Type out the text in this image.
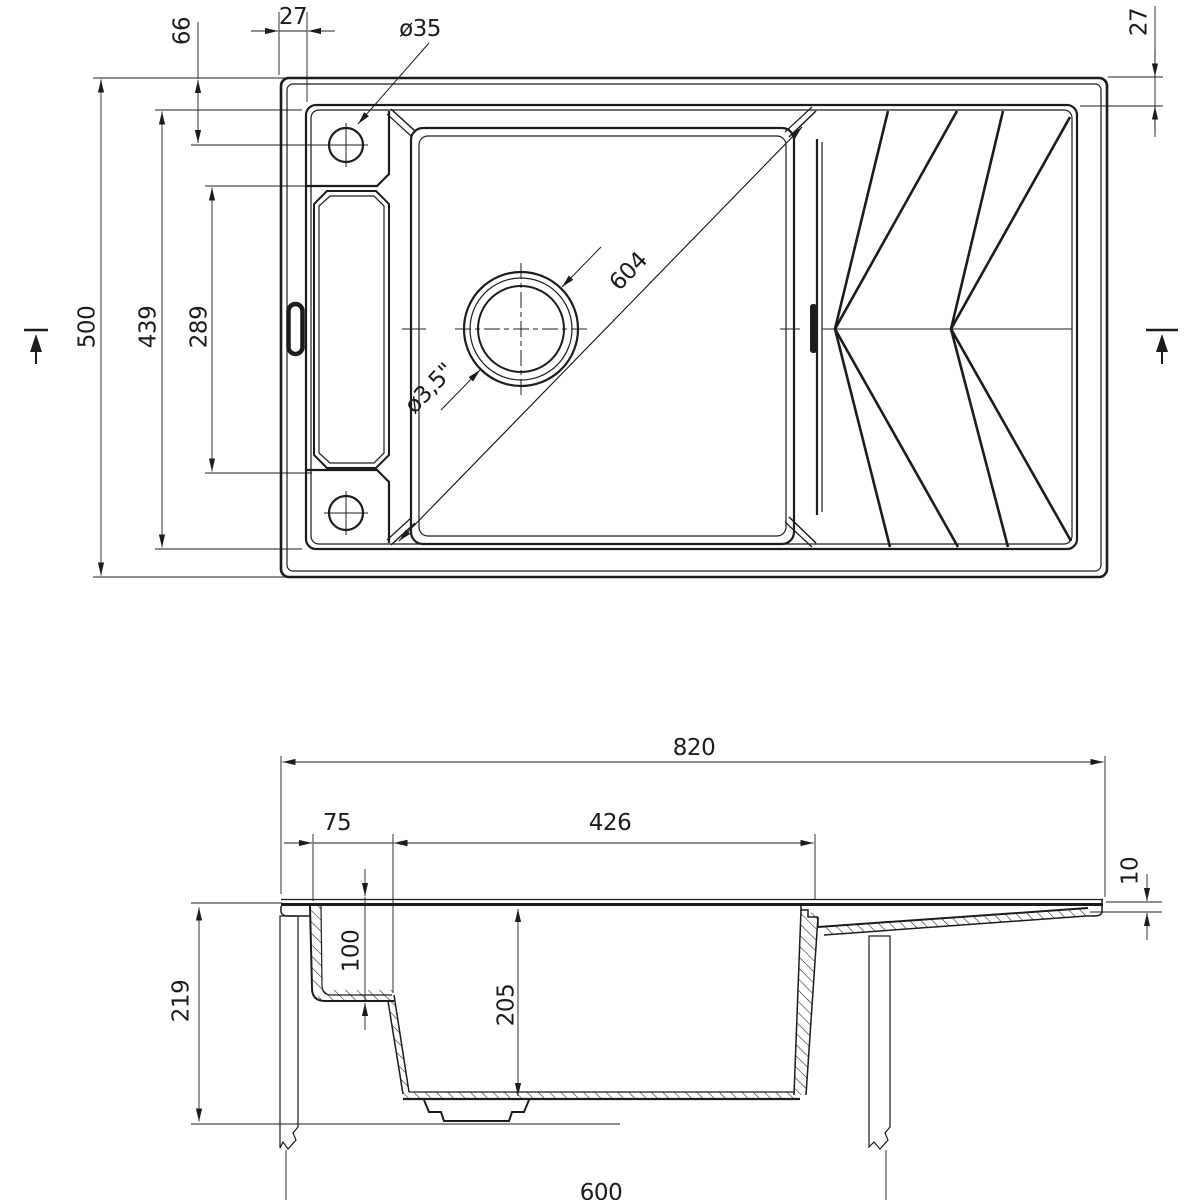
66	27	ø35	27
500 439 289
604
ø3,5"
820
75	426
10
100
205
219
600
